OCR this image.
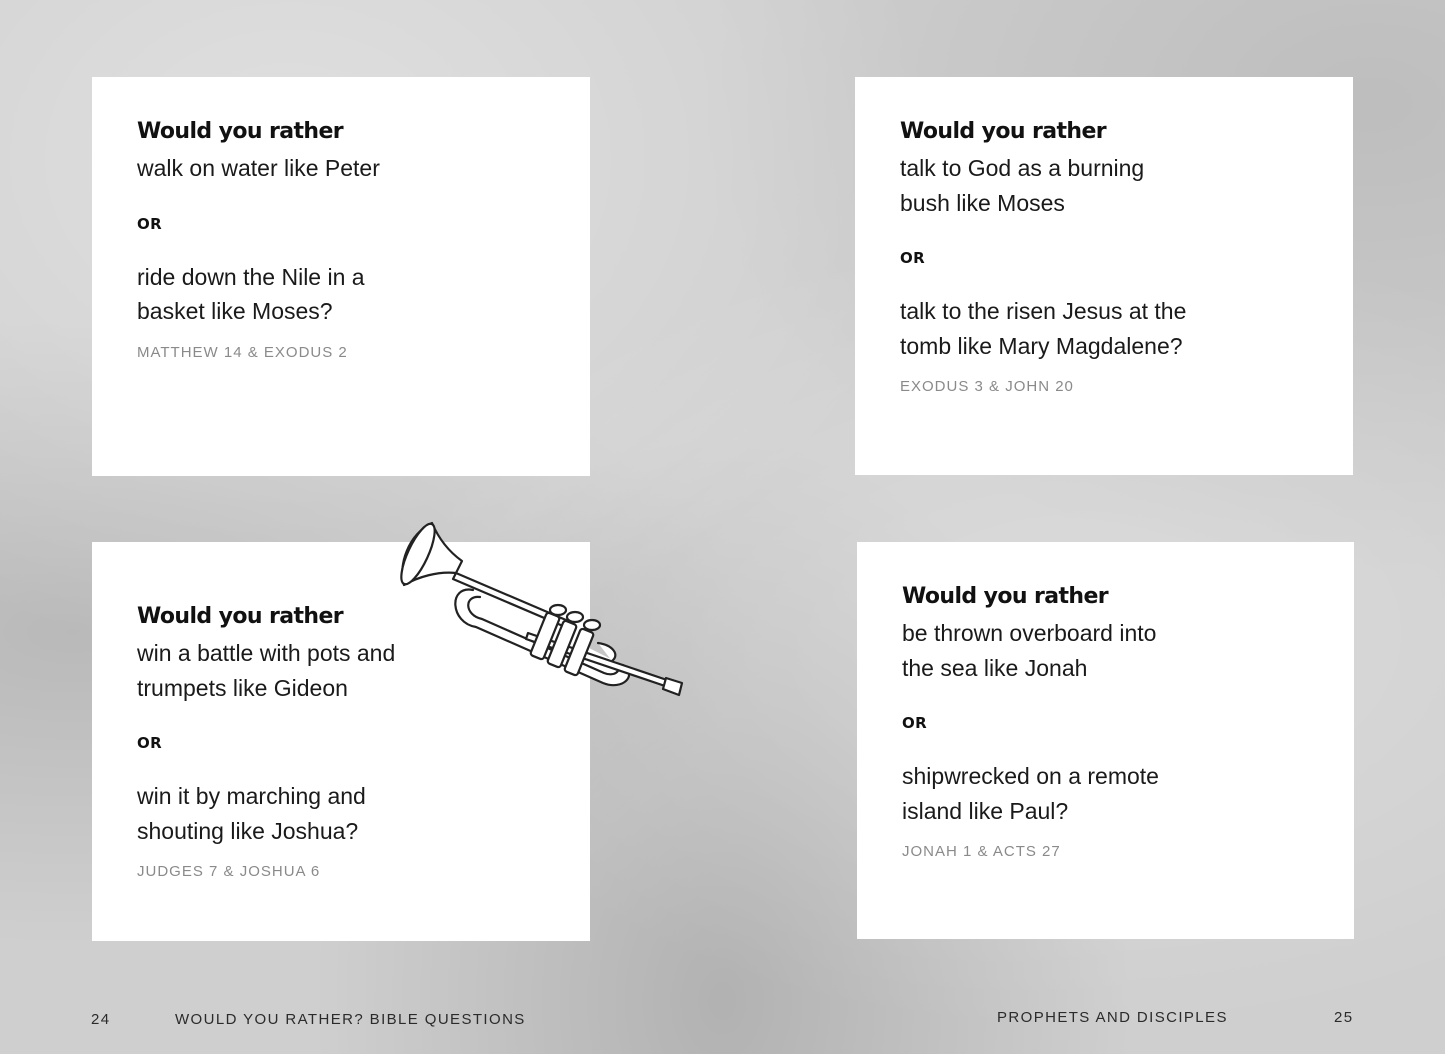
Would you rather
walk on water like Peter
OR
ride down the Nile in a
basket like Moses?
MATTHEW 14 & EXODUS 2
Would you rather
talk to God as a burning
bush like Moses
OR
talk to the risen Jesus at the
tomb like Mary Magdalene?
EXODUS 3 & JOHN 20
Would you rather
win a battle with pots and
trumpets like Gideon
OR
win it by marching and
shouting like Joshua?
JUDGES 7 & JOSHUA 6
Would you rather
be thrown overboard into
the sea like Jonah
OR
shipwrecked on a remote
island like Paul?
JONAH 1 & ACTS 27
24	WOULD YOU RATHER? BIBLE QUESTIONS	PROPHETS AND DISCIPLES	25
